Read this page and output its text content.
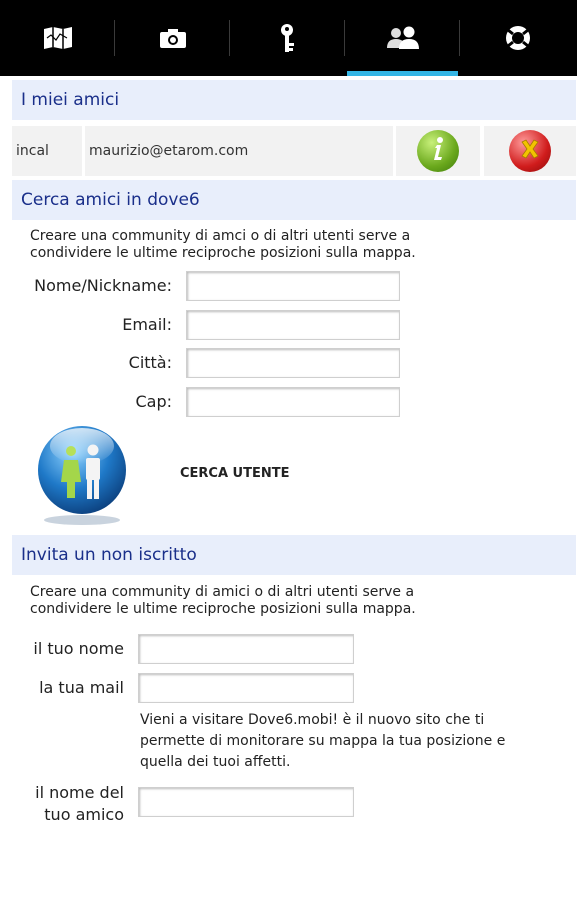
I miei amici
incal	maurizio@etarom.com
Cerca amici in dove6
Creare una community di amci o di altri utenti serve a
condividere le ultime reciproche posizioni sulla mappa.
Nome/Nickname:
Email:
Città:
Cap:
CERCA UTENTE
Invita un non iscritto
Creare una community di amici o di altri utenti serve a
condividere le ultime reciproche posizioni sulla mappa.
il tuo nome
la tua mail
Vieni a visitare Dove6.mobi! è il nuovo sito che ti
permette di monitorare su mappa la tua posizione e
quella dei tuoi affetti.
il nome del
tuo amico
